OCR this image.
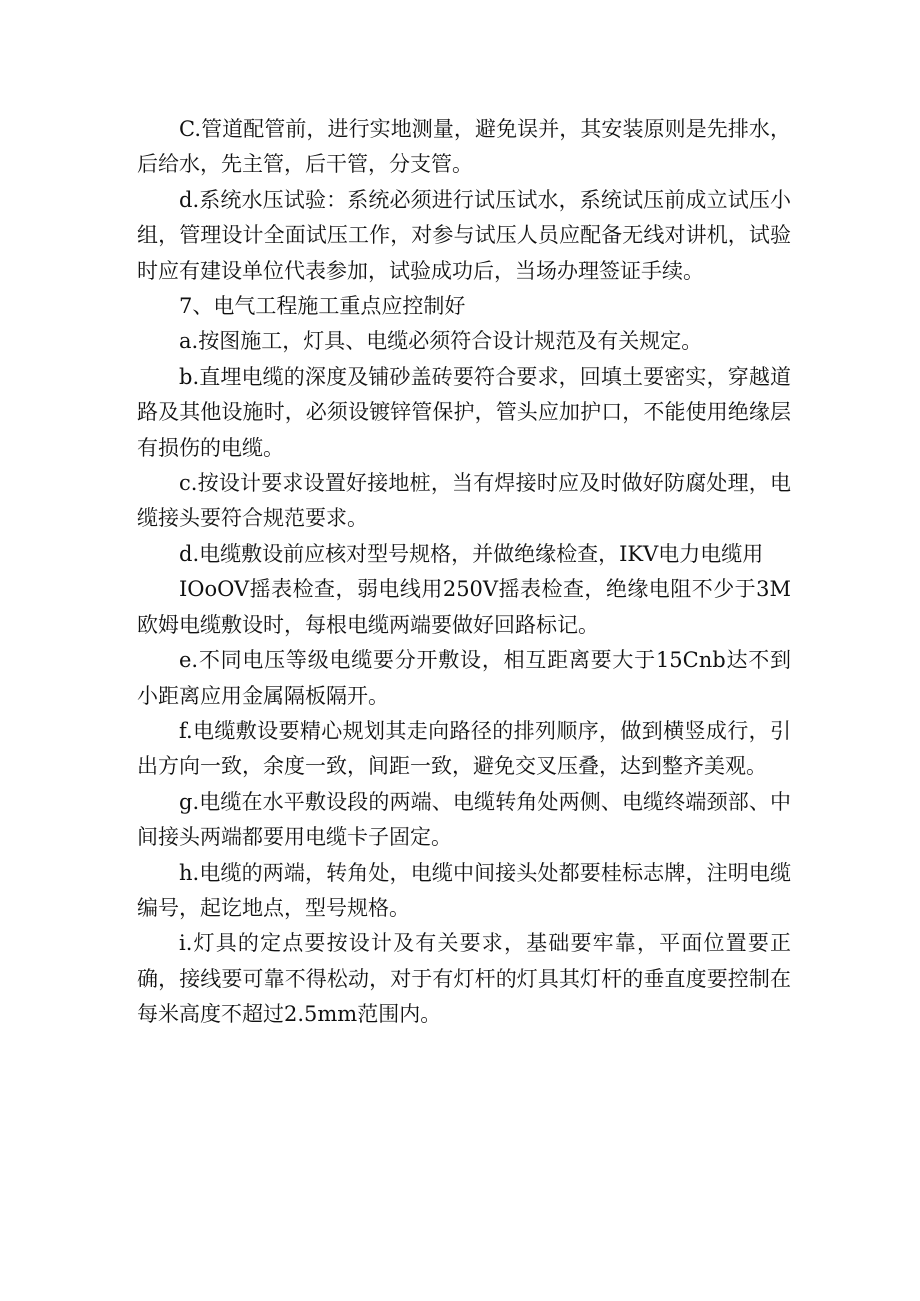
C.管道配管前，进行实地测量，避免误并，其安装原则是先排水，后给水，先主管，后干管，分支管。

d.系统水压试验：系统必须进行试压试水，系统试压前成立试压小组，管理设计全面试压工作，对参与试压人员应配备无线对讲机，试验时应有建设单位代表参加，试验成功后，当场办理签证手续。

7、电气工程施工重点应控制好

a.按图施工，灯具、电缆必须符合设计规范及有关规定。

b.直埋电缆的深度及铺砂盖砖要符合要求，回填土要密实，穿越道路及其他设施时，必须设镀锌管保护，管头应加护口，不能使用绝缘层有损伤的电缆。

c.按设计要求设置好接地桩，当有焊接时应及时做好防腐处理，电缆接头要符合规范要求。

d.电缆敷设前应核对型号规格，并做绝缘检查，IKV电力电缆用

IOoOV摇表检查，弱电线用250V摇表检查，绝缘电阻不少于3M欧姆电缆敷设时，每根电缆两端要做好回路标记。

e.不同电压等级电缆要分开敷设，相互距离要大于15Cnb达不到小距离应用金属隔板隔开。

f.电缆敷设要精心规划其走向路径的排列顺序，做到横竖成行，引出方向一致，余度一致，间距一致，避免交叉压叠，达到整齐美观。

g.电缆在水平敷设段的两端、电缆转角处两侧、电缆终端颈部、中间接头两端都要用电缆卡子固定。

h.电缆的两端，转角处，电缆中间接头处都要桂标志牌，注明电缆编号，起讫地点，型号规格。

i.灯具的定点要按设计及有关要求，基础要牢靠，平面位置要正确，接线要可靠不得松动，对于有灯杆的灯具其灯杆的垂直度要控制在每米高度不超过2.5mm范围内。
